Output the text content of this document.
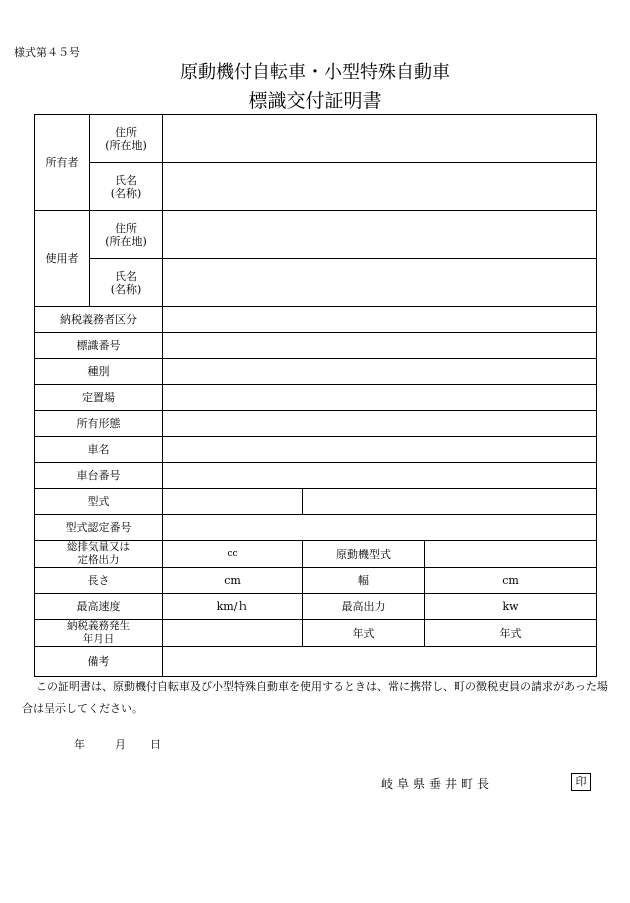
様式第４５号
原動機付自転車・小型特殊自動車
標識交付証明書
所有者	住所
(所在地)			

	氏名
(名称)			

使用者	住所
(所在地)			

	氏名
(名称)			

納税義務者区分				
標識番号				
種別				
定置場				
所有形態				
車名				
車台番号				
型式				
型式認定番号				

総排気量又は
定格出力		cc	原動機型式	
長さ		cm	幅	cm
最高速度		km/ｈ	最高出力	kw

納税義務発生
年月日			年式	年式
備考				
この証明書は、原動機付自転車及び小型特殊自動車を使用するときは、常に携帯し、町の徴税吏員の請求があった場合は呈示してください。
年	月 日
岐阜県垂井町長	印
